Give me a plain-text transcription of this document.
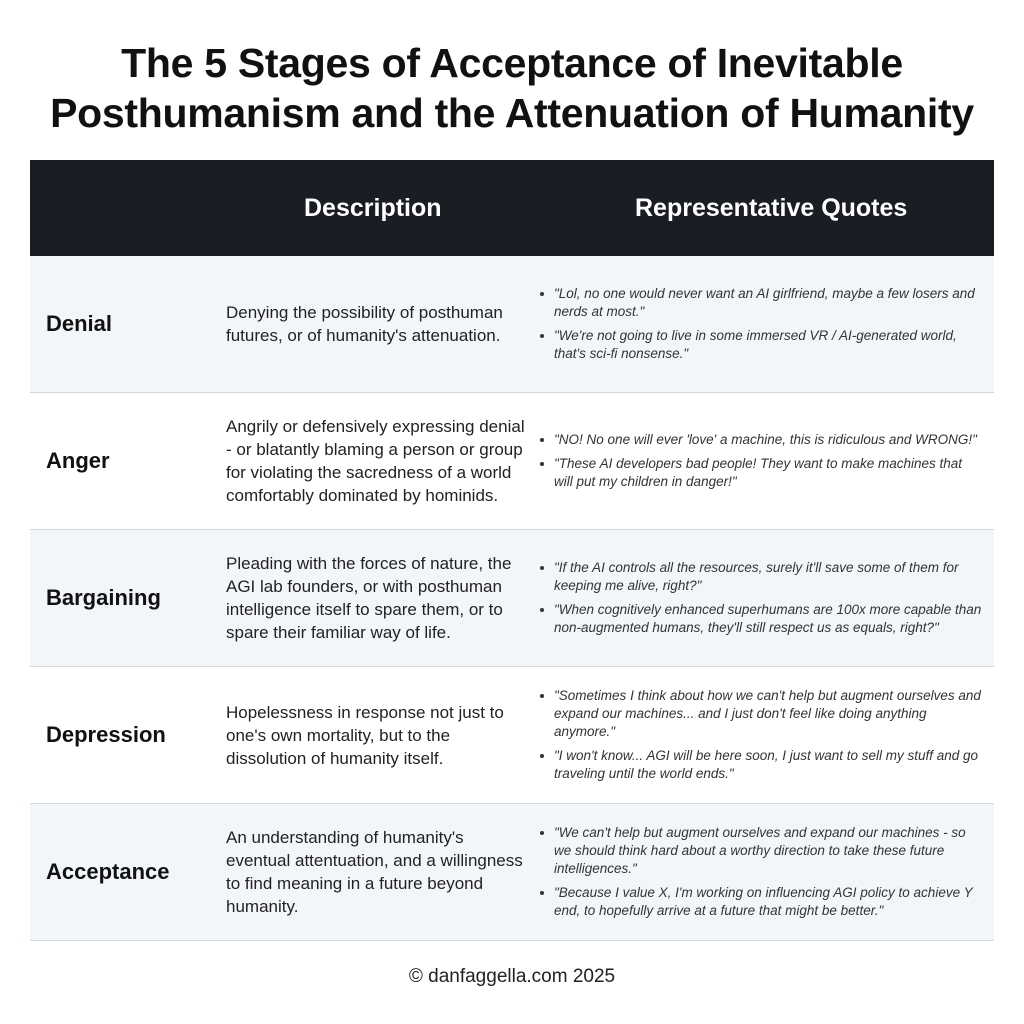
The 5 Stages of Acceptance of Inevitable
Posthumanism and the Attenuation of Humanity
Description	Representative Quotes
Denial	Denying the possibility of posthuman futures, or of humanity's attenuation.
"Lol, no one would never want an AI girlfriend, maybe a few losers and nerds at most."
"We're not going to live in some immersed VR / AI-generated world, that's sci-fi nonsense."
Anger
Angrily or defensively expressing denial - or blatantly blaming a person or group for violating the sacredness of a world comfortably dominated by hominids.
"NO! No one will ever 'love' a machine, this is ridiculous and WRONG!"
"These AI developers bad people! They want to make machines that will put my children in danger!"
Bargaining
Pleading with the forces of nature, the AGI lab founders, or with posthuman intelligence itself to spare them, or to spare their familiar way of life.
"If the AI controls all the resources, surely it'll save some of them for keeping me alive, right?"
"When cognitively enhanced superhumans are 100x more capable than non-augmented humans, they'll still respect us as equals, right?"
Depression
Hopelessness in response not just to one's own mortality, but to the dissolution of humanity itself.
"Sometimes I think about how we can't help but augment ourselves and expand our machines... and I just don't feel like doing anything anymore."
"I won't know... AGI will be here soon, I just want to sell my stuff and go traveling until the world ends."
Acceptance
An understanding of humanity's eventual attentuation, and a willingness to find meaning in a future beyond humanity.
"We can't help but augment ourselves and expand our machines - so we should think hard about a worthy direction to take these future intelligences."
"Because I value X, I'm working on influencing AGI policy to achieve Y end, to hopefully arrive at a future that might be better."
© danfaggella.com 2025
